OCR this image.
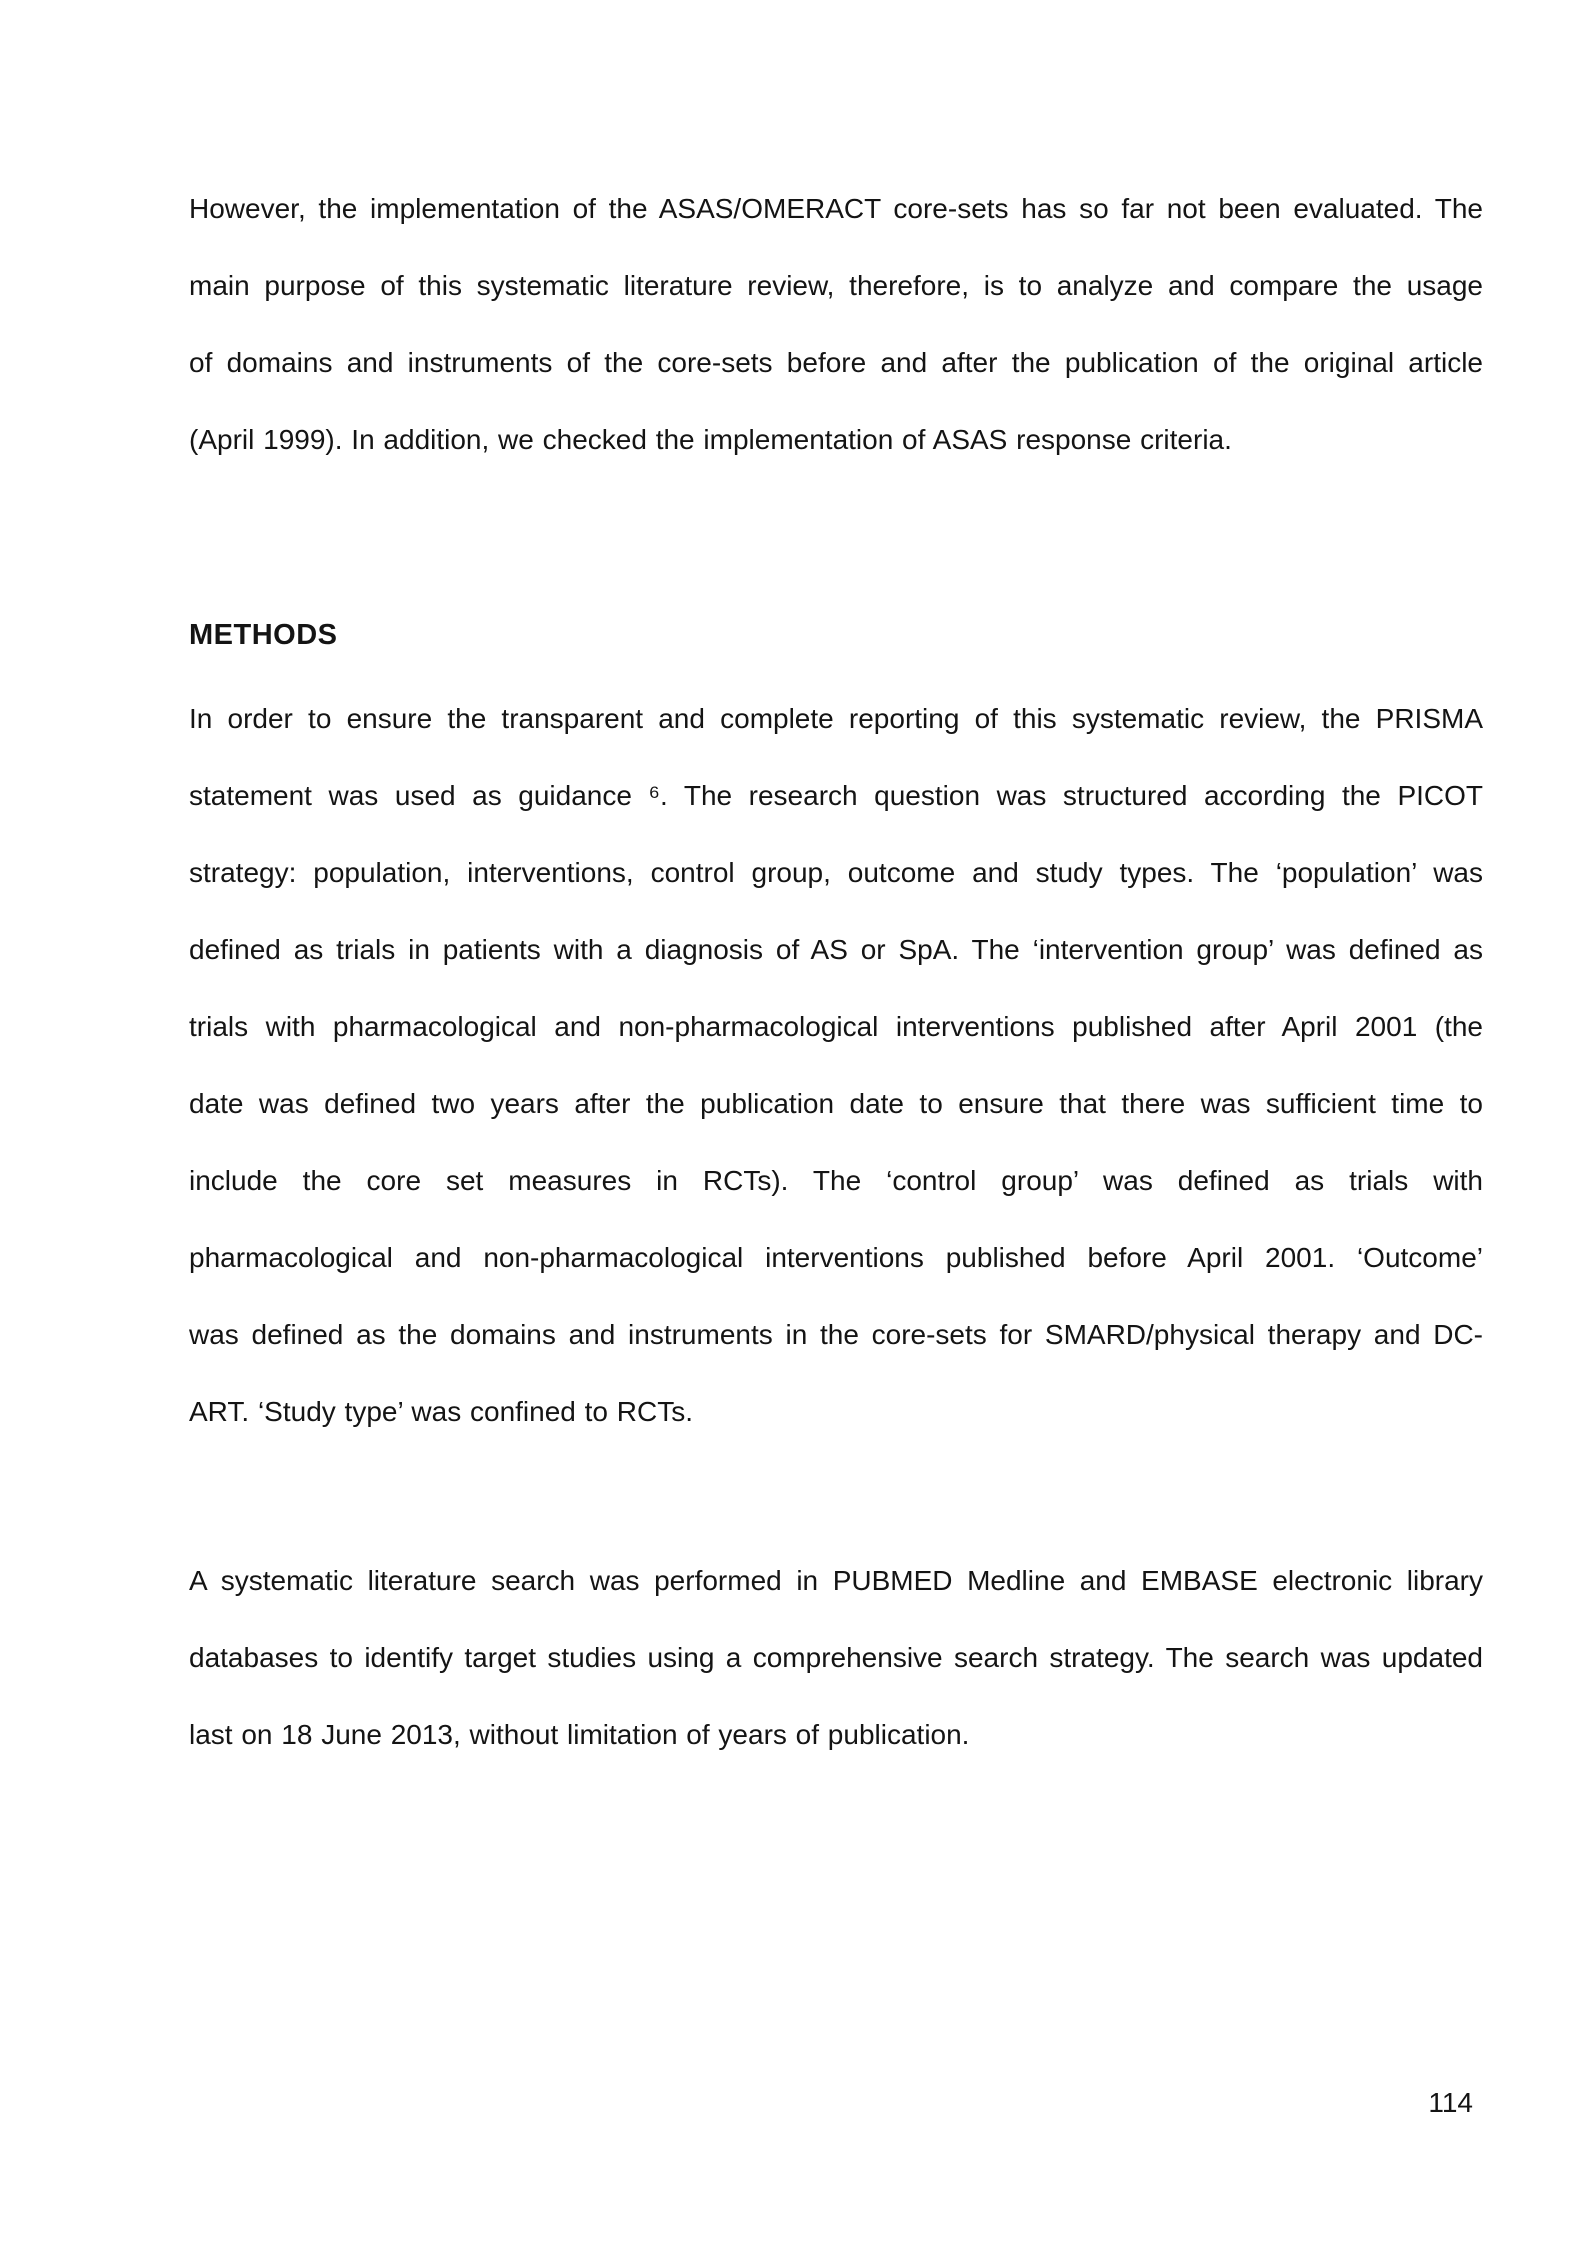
However, the implementation of the ASAS/OMERACT core-sets has so far not been evaluated. The
main purpose of this systematic literature review, therefore, is to analyze and compare the usage
of domains and instruments of the core-sets before and after the publication of the original article
(April 1999). In addition, we checked the implementation of ASAS response criteria.
METHODS
In order to ensure the transparent and complete reporting of this systematic review, the PRISMA
statement was used as guidance ⁶. The research question was structured according the PICOT
strategy: population, interventions, control group, outcome and study types. The ‘population’ was
defined as trials in patients with a diagnosis of AS or SpA. The ‘intervention group’ was defined as
trials with pharmacological and non-pharmacological interventions published after April 2001 (the
date was defined two years after the publication date to ensure that there was sufficient time to
include the core set measures in RCTs). The ‘control group’ was defined as trials with
pharmacological and non-pharmacological interventions published before April 2001. ‘Outcome’
was defined as the domains and instruments in the core-sets for SMARD/physical therapy and DC-
ART. ‘Study type’ was confined to RCTs.
A systematic literature search was performed in PUBMED Medline and EMBASE electronic library
databases to identify target studies using a comprehensive search strategy. The search was updated
last on 18 June 2013, without limitation of years of publication.
114
